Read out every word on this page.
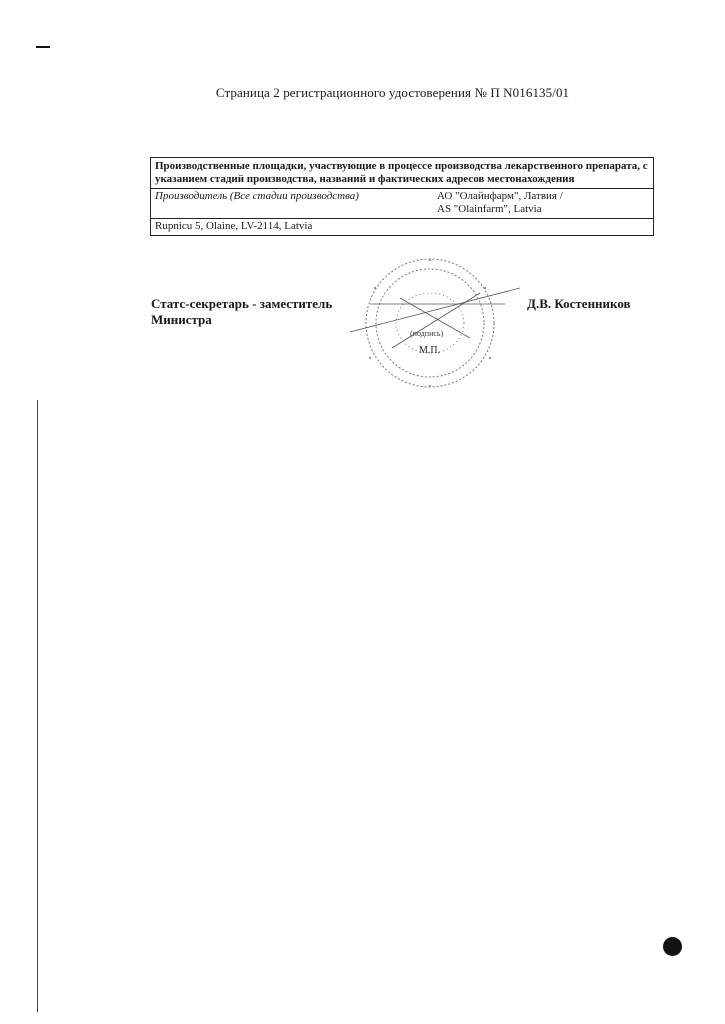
Страница 2 регистрационного удостоверения № П N016135/01
Производственные площадки, участвующие в процессе производства лекарственного препарата, с указанием стадий производства, названий и фактических адресов местонахождения
Производитель (Все стадии производства)	АО "Олайнфарм", Латвия /
AS "Olainfarm", Latvia
Rupnicu 5, Olaine, LV-2114, Latvia
Статс-секретарь - заместитель
Министра
(подпись)
М.П.
Д.В. Костенников
